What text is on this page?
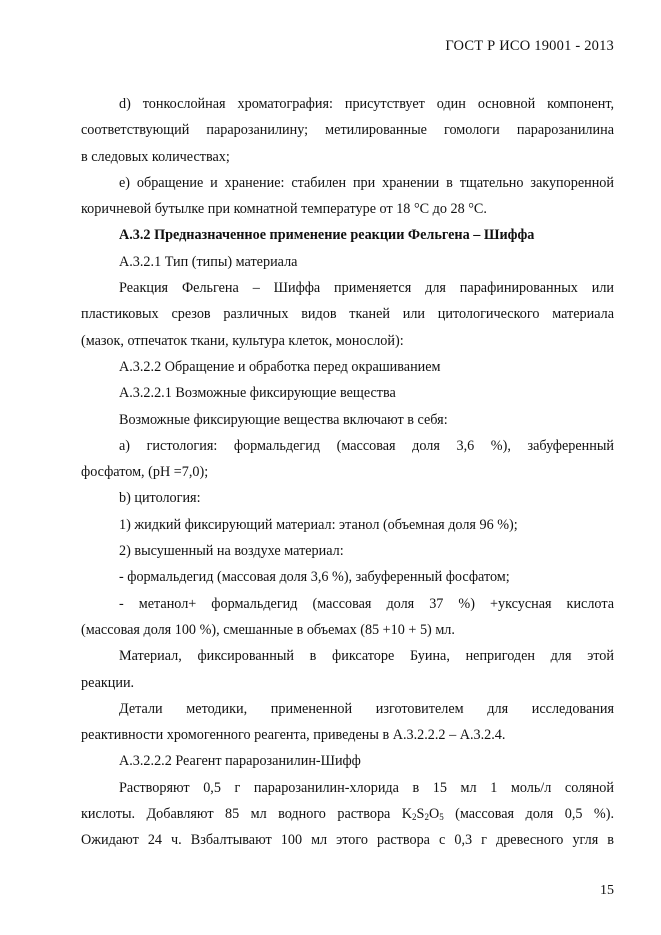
ГОСТ Р ИСО 19001 - 2013
d) тонкослойная хроматография: присутствует один основной компонент,
соответствующий парарозанилину; метилированные гомологи парарозанилина
в следовых количествах;
е) обращение и хранение: стабилен при хранении в тщательно закупоренной
коричневой бутылке при комнатной температуре от 18 °С до 28 °С.
А.3.2 Предназначенное применение реакции Фельгена – Шиффа
А.3.2.1 Тип (типы) материала
Реакция Фельгена – Шиффа применяется для парафинированных или
пластиковых срезов различных видов тканей или цитологического материала
(мазок, отпечаток ткани, культура клеток, монослой):
А.3.2.2 Обращение и обработка перед окрашиванием
А.3.2.2.1 Возможные фиксирующие вещества
Возможные фиксирующие вещества включают в себя:
а) гистология: формальдегид (массовая доля 3,6 %), забуференный
фосфатом, (pH =7,0);
b) цитология:
1) жидкий фиксирующий материал: этанол (объемная доля 96 %);
2) высушенный на воздухе материал:
- формальдегид (массовая доля 3,6 %), забуференный фосфатом;
- метанол+ формальдегид (массовая доля 37 %) +уксусная кислота
(массовая доля 100 %), смешанные в объемах (85 +10 + 5) мл.
Материал, фиксированный в фиксаторе Буина, непригоден для этой
реакции.
Детали методики, примененной изготовителем для исследования
реактивности хромогенного реагента, приведены в А.3.2.2.2 – А.3.2.4.
А.3.2.2.2 Реагент парарозанилин-Шифф
Растворяют 0,5 г парарозанилин-хлорида в 15 мл 1 моль/л соляной
кислоты. Добавляют 85 мл водного раствора $K_2S_2O_5$ (массовая доля 0,5 %).
Ожидают 24 ч. Взбалтывают 100 мл этого раствора с 0,3 г древесного угля в
15
